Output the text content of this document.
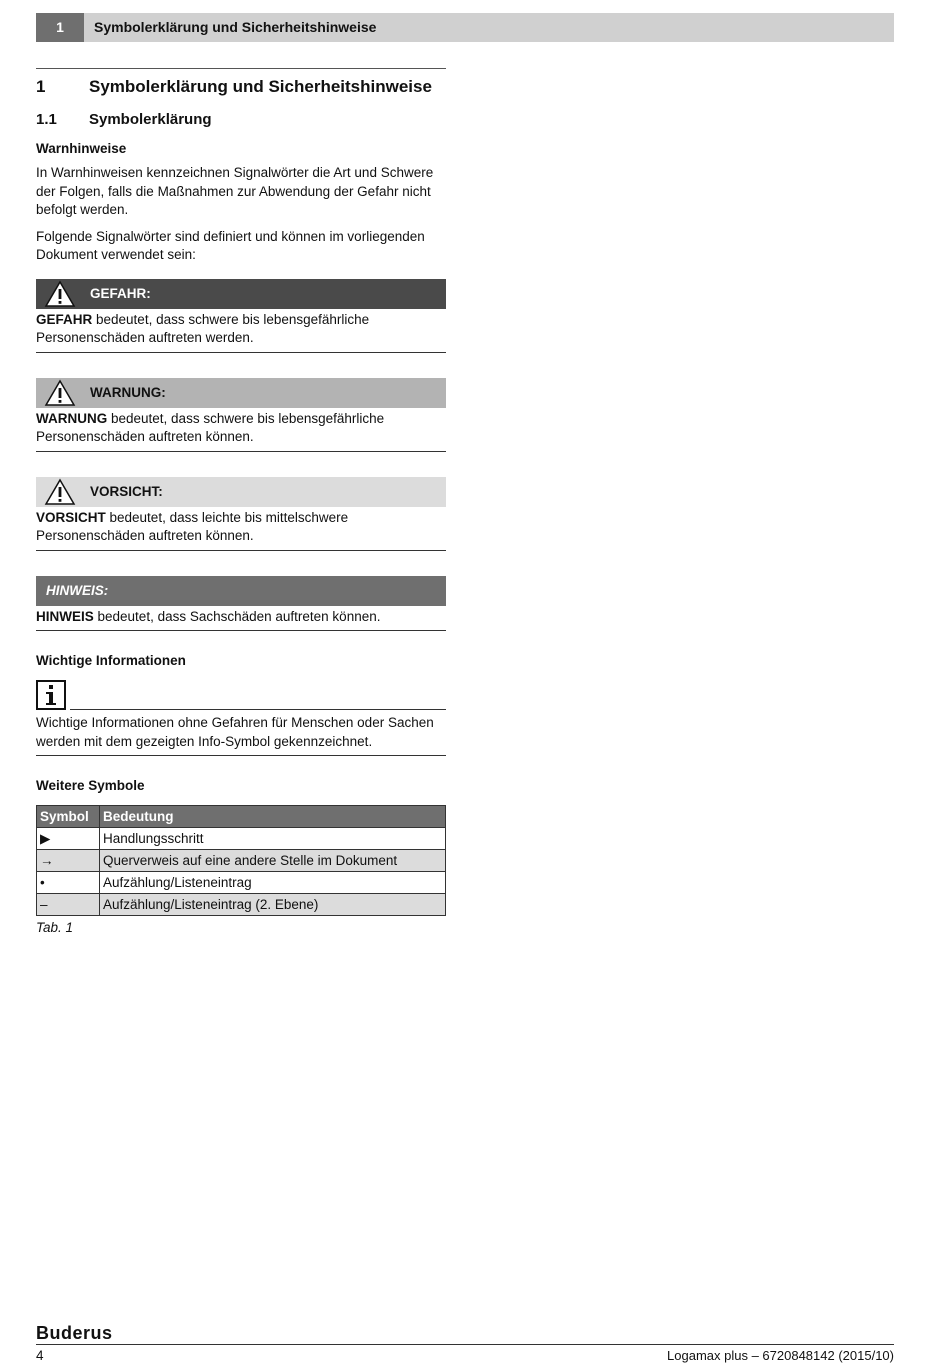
1	Symbolerklärung und Sicherheitshinweise
1	Symbolerklärung und Sicherheitshinweise
1.1	Symbolerklärung
Warnhinweise

In Warnhinweisen kennzeichnen Signalwörter die Art und Schwere der Folgen, falls die Maßnahmen zur Abwendung der Gefahr nicht befolgt werden.

Folgende Signalwörter sind definiert und können im vorliegenden Dokument verwendet sein:

GEFAHR:
GEFAHR bedeutet, dass schwere bis lebensgefährliche Personenschäden auftreten werden.
WARNUNG:
WARNUNG bedeutet, dass schwere bis lebensgefährliche Personenschäden auftreten können.
VORSICHT:
VORSICHT bedeutet, dass leichte bis mittelschwere Personenschäden auftreten können.
HINWEIS:
HINWEIS bedeutet, dass Sachschäden auftreten können.
Wichtige Informationen
Wichtige Informationen ohne Gefahren für Menschen oder Sachen werden mit dem gezeigten Info-Symbol gekennzeichnet.
Weitere Symbole
Symbol	Bedeutung
▶	Handlungsschritt
→	Querverweis auf eine andere Stelle im Dokument
•	Aufzählung/Listeneintrag
–	Aufzählung/Listeneintrag (2. Ebene)
Tab. 1
Buderus
4	Logamax plus – 6720848142 (2015/10)
